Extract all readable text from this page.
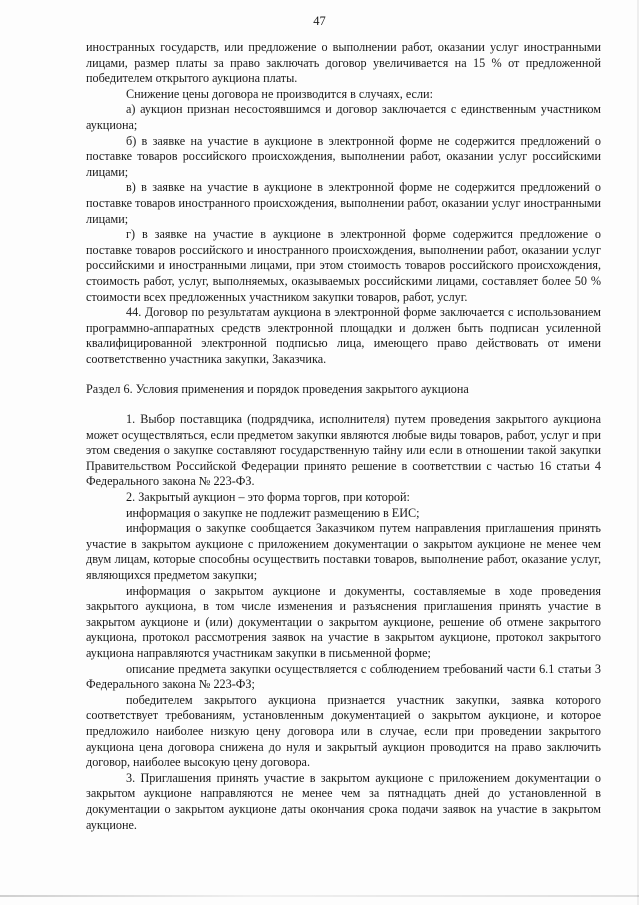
47

иностранных государств, или предложение о выполнении работ, оказании услуг иностранными лицами, размер платы за право заключать договор увеличивается на 15 % от предложенной победителем открытого аукциона платы.

Снижение цены договора не производится в случаях, если:

а) аукцион признан несостоявшимся и договор заключается с единственным участником аукциона;

б) в заявке на участие в аукционе в электронной форме не содержится предложений о поставке товаров российского происхождения, выполнении работ, оказании услуг российскими лицами;

в) в заявке на участие в аукционе в электронной форме не содержится предложений о поставке товаров иностранного происхождения, выполнении работ, оказании услуг иностранными лицами;

г) в заявке на участие в аукционе в электронной форме содержится предложение о поставке товаров российского и иностранного происхождения, выполнении работ, оказании услуг российскими и иностранными лицами, при этом стоимость товаров российского происхождения, стоимость работ, услуг, выполняемых, оказываемых российскими лицами, составляет более 50 % стоимости всех предложенных участником закупки товаров, работ, услуг.

44. Договор по результатам аукциона в электронной форме заключается с использованием программно-аппаратных средств электронной площадки и должен быть подписан усиленной квалифицированной электронной подписью лица, имеющего право действовать от имени соответственно участника закупки, Заказчика.

Раздел 6. Условия применения и порядок проведения закрытого аукциона

1. Выбор поставщика (подрядчика, исполнителя) путем проведения закрытого аукциона может осуществляться, если предметом закупки являются любые виды товаров, работ, услуг и при этом сведения о закупке составляют государственную тайну или если в отношении такой закупки Правительством Российской Федерации принято решение в соответствии с частью 16 статьи 4 Федерального закона № 223-ФЗ.

2. Закрытый аукцион – это форма торгов, при которой:

информация о закупке не подлежит размещению в ЕИС;

информация о закупке сообщается Заказчиком путем направления приглашения принять участие в закрытом аукционе с приложением документации о закрытом аукционе не менее чем двум лицам, которые способны осуществить поставки товаров, выполнение работ, оказание услуг, являющихся предметом закупки;

информация о закрытом аукционе и документы, составляемые в ходе проведения закрытого аукциона, в том числе изменения и разъяснения приглашения принять участие в закрытом аукционе и (или) документации о закрытом аукционе, решение об отмене закрытого аукциона, протокол рассмотрения заявок на участие в закрытом аукционе, протокол закрытого аукциона направляются участникам закупки в письменной форме;

описание предмета закупки осуществляется с соблюдением требований части 6.1 статьи 3 Федерального закона № 223-ФЗ;

победителем закрытого аукциона признается участник закупки, заявка которого соответствует требованиям, установленным документацией о закрытом аукционе, и которое предложило наиболее низкую цену договора или в случае, если при проведении закрытого аукциона цена договора снижена до нуля и закрытый аукцион проводится на право заключить договор, наиболее высокую цену договора.

3. Приглашения принять участие в закрытом аукционе с приложением документации о закрытом аукционе направляются не менее чем за пятнадцать дней до установленной в документации о закрытом аукционе даты окончания срока подачи заявок на участие в закрытом аукционе.
